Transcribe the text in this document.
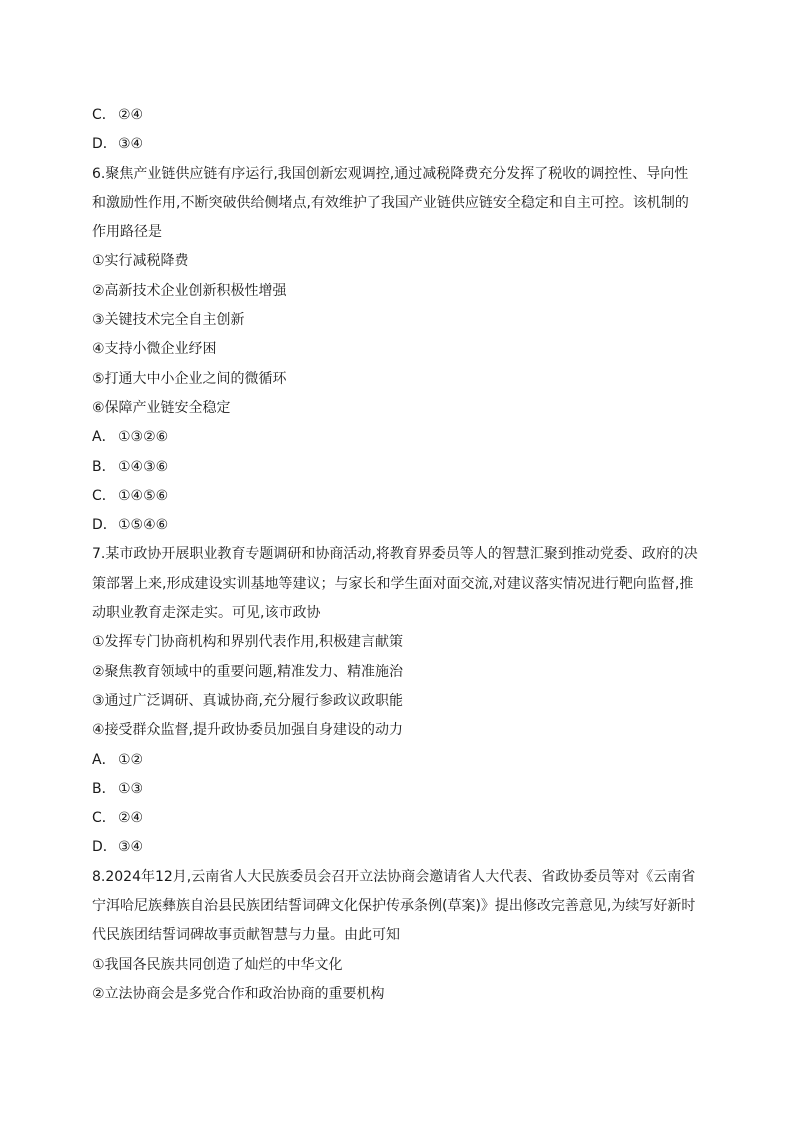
C． ②④
D．③④
6.聚焦产业链供应链有序运行,我国创新宏观调控,通过减税降费充分发挥了税收的调控性、导向性
和激励性作用,不断突破供给侧堵点,有效维护了我国产业链供应链安全稳定和自主可控。该机制的
作用路径是
①实行减税降费
②高新技术企业创新积极性增强
③关键技术完全自主创新
④支持小微企业纾困
⑤打通大中小企业之间的微循环
⑥保障产业链安全稳定
A． ①③②⑥
B． ①④③⑥
C． ①④⑤⑥
D．①⑤④⑥
7.某市政协开展职业教育专题调研和协商活动,将教育界委员等人的智慧汇聚到推动党委、政府的决
策部署上来,形成建设实训基地等建议；与家长和学生面对面交流,对建议落实情况进行靶向监督,推
动职业教育走深走实。可见,该市政协
①发挥专门协商机构和界别代表作用,积极建言献策
②聚焦教育领域中的重要问题,精准发力、精准施治
③通过广泛调研、真诚协商,充分履行参政议政职能
④接受群众监督,提升政协委员加强自身建设的动力
A． ①②
B． ①③
C． ②④
D．③④
8.2024年12月,云南省人大民族委员会召开立法协商会邀请省人大代表、省政协委员等对《云南省
宁洱哈尼族彝族自治县民族团结誓词碑文化保护传承条例(草案)》提出修改完善意见,为续写好新时
代民族团结誓词碑故事贡献智慧与力量。由此可知
①我国各民族共同创造了灿烂的中华文化
②立法协商会是多党合作和政治协商的重要机构
